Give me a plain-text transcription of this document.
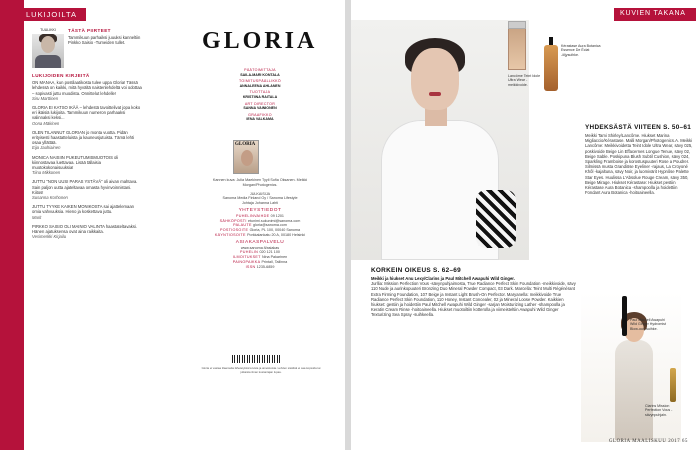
LUKIJOILTA
TUULIKKI	TÄSTÄ PIIRTEET
Tammikuun parhaiksi juuuksi kanneltiin Pinkko Saisio -Tumeiden tullet.
LUKIJOIDEN KIRJEITÄ
ON MANAA, kun postilaatikosta tulee uppa Gloria! Tässä lehdessä on kaikki, mitä hyvältä naistenlehdeltä voi odottaa – sopivasti juttu muodista. Onnittelut lehdelle!
Siru Marttinen
GLORIA EI KATSO IKÄÄ – lehdestä tavoittelivat jopa koko eri ikäisiä lukijoita. Tammikuun numeron parhaaksi valinnaksi keksi...
Oona Mäkinen
OLEN TILANNUT GLORIAN jo monta vuotta. Pidän erityisesti haastatteluista ja kauneusjutuista. Tämä lehti osaa yllättää.
Eija Jauhiainen
MONICA NAISIIN PUKEUTUMISMUOTOIS oli kiinnostavaa luettavaa. Lisää tällaisia muotokokonaisuuksia!
Tiina Mikkonen
JUTTU "NON UUSI PARAS YSTÄVÄ" oli aivan mahtava. Sain paljon uutta ajateltavaa omasta hyvinvoinnistani. Kiitos!
Susanna Korhonen
JUTTU TYYKE KAIKEN MONIKOSTA sai ajattelemaan omia vahvuuksia. Hieno ja koskettava juttu.
Marit
PIRKKO SAISIO OLI MAINIO VALINTA haastateltavaksi. Hänen ajatuksensa ovat aina raikkaita.
Vesimerkki Kirjailu
GLORIA
PÄÄTOIMITTAJA
SAILA-MARI KONTALA
TOIMITUSPÄÄLLIKKÖ
ANNALEENA AHLANEN
TUOTTAJA
KRISTIINA RAITALA
ART DIRECTOR
SANNA VAINIONEN
GRAAFIKKO
IENA VALKAMA
GLORIA
Kannen kuva: Julia Maekinen Tyyli Sofia Oksanen. Meikki Morgan/Photogenics.
JULKAISIJA
Sanoma Media Finland Oy / Sanoma Lifestyle
Johtaja Johanna Lahti
YHTEYSTIEDOT
PUHELINVAIHDE 09 1201
SÄHKÖPOSTI etunimi.sukunimi@sanoma.com
PALAUTE gloria@sanoma.com
POSTIOSOITE Gloria, PL 100, 00040 Sanoma
KÄYNTIOSOITE Porkkalankatu 20 A, 00180 Helsinki
ASIAKASPALVELU
www.sanoma.fi/asiakas
PUHELIN 020 121 100
ILMOITUKSET Nina Pakarinen
PAINOPAIKKA Printall, Tallinna
ISSN 1235-6859
Gloria ei vastaa tilaamatta lähetetyistä kuvista ja aineistoista. Lehden sisältöä ei saa kopioida tai julkaista ilman kustantajan lupaa.
KUVIEN TAKANA
Lancôme Teint Idole Ultra Wear -meikkivoide.
Kérastase Aura Botanica Essence De Éclat -öljysuihke.
YHDEKSÄSTÄ VIITEEN S. 50–61
Meikki Tami Shirley/Lancôme. Hiukset Marina Migliaccio/Kérastase. Malli Morgan/Photogenics.A. Meikki Lancôme: Meikkivoidetta Teint Idole Ultra Wear, sävy 025, poskivoide Beige Lin Effacernes Longue Tenue, sävy 02, Beige Sable. Poskipuna Blush Subtil Cushion, sävy 024, Sparkling Framboise ja korostuspuuteri Rose a Poudrer. Silmissä musta Grandiöse Eyeliner -rajaus, La Croyoné Khôl -kajaltuna, sävy Noir, ja luomivärit Hypnôse Palette Star Eyes. Huulissa L'Absolue Rouge Cream, sävy 350, Beige Mirage. Hiukset Kérastase: Hiukset pestiin Kérastase Aura Botanica -shampoolla ja hoidettiin Fondant Aura Botanica -hoitoaineella.
KORKEIN OIKEUS S. 62–69
Meikki ja hiukset Anu Lexy/Clarins ja Paul Mitchell Awapuhi Wild Ginger.
Jurllia: Mission Perfection Vous -sävynpuhjaimosta, True Radiance Perfect Skin Foundation -meikkivoide, sävy 110 Nude ja aurinkopuuteri Bronzing Duo Mineral Powder Compact, 03 Dark. Marcella: Teint Multi Régénérant Extra Firming Foundation, 107 Beige ja Instant Light Brush-On Perfector. Maryanella: meikkivoide True Radiance Perfect Skin Foundation, 110 Honey, Instant Concealer, 02 ja Mineral Loose Powder. Kaikkien hiukset: gestiin ja hoidettiin Paul Mitchell Awapuhi Wild Ginger -sarjan Moisturizing Lather -shampoolla ja Keratin Cream Rinse -hoitoaineella. Hiukset muotoiltiin kotterolla ja viimeisteltiin Awapuhi Wild Ginger Texturizing Sea Spray -suihkeella.
Paul Mitchell Awapuhi Wild Ginger Hydromist Blow-out -suihke.
Clarins Mission Perfection Vous -sävynpuhjain.
GLORIA MAALISKUU 2017 65
